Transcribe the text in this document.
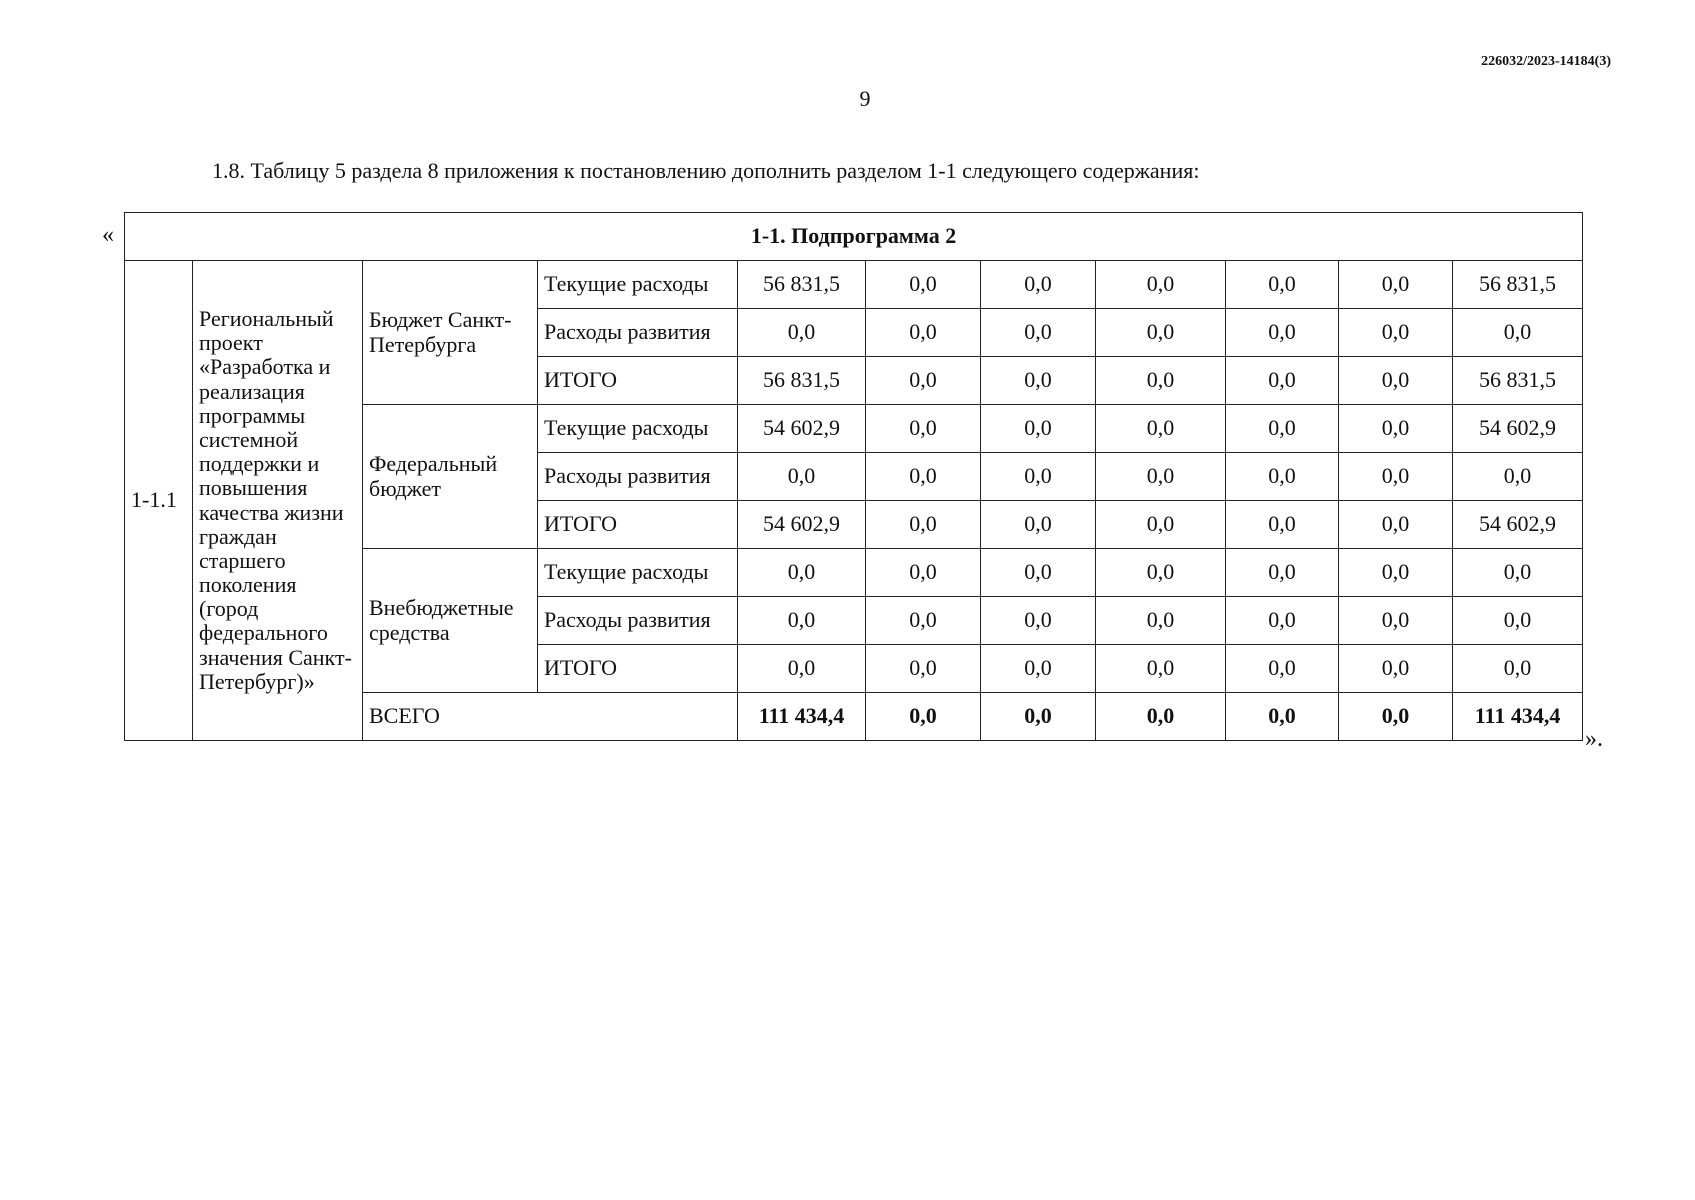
226032/2023-14184(3)
9
1.8. Таблицу 5 раздела 8 приложения к постановлению дополнить разделом 1-1 следующего содержания:
«	1-1. Подпрограмма 2										
1-1.1	Региональный проект «Разработка и реализация программы системной поддержки и повышения качества жизни граждан старшего поколения (город федерального значения Санкт-Петербург)»	Бюджет Санкт-Петербурга	Текущие расходы	56 831,5	0,0	0,0	0,0	0,0	0,0	56 831,5
			Расходы развития	0,0	0,0	0,0	0,0	0,0	0,0	0,0
			ИТОГО	56 831,5	0,0	0,0	0,0	0,0	0,0	56 831,5
		Федеральный бюджет	Текущие расходы	54 602,9	0,0	0,0	0,0	0,0	0,0	54 602,9
			Расходы развития	0,0	0,0	0,0	0,0	0,0	0,0	0,0
			ИТОГО	54 602,9	0,0	0,0	0,0	0,0	0,0	54 602,9
		Внебюджетные средства	Текущие расходы	0,0	0,0	0,0	0,0	0,0	0,0	0,0
			Расходы развития	0,0	0,0	0,0	0,0	0,0	0,0	0,0
			ИТОГО	0,0	0,0	0,0	0,0	0,0	0,0	0,0
		ВСЕГО		111 434,4	0,0	0,0	0,0	0,0	0,0	111 434,4
».
